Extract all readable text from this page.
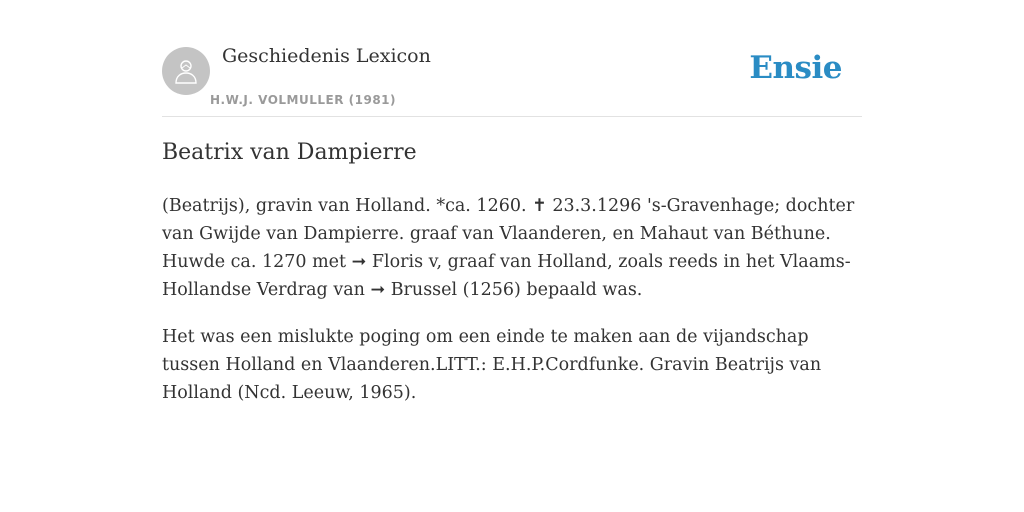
Geschiedenis Lexicon
H.W.J. VOLMULLER (1981)
Ensie
Beatrix van Dampierre

(Beatrijs), gravin van Holland. *ca. 1260. ✝ 23.3.1296 's-Gravenhage; dochter van Gwijde van Dampierre. graaf van Vlaanderen, en Mahaut van Béthune. Huwde ca. 1270 met ➞ Floris v, graaf van Holland, zoals reeds in het Vlaams-Hollandse Verdrag van ➞ Brussel (1256) bepaald was.

Het was een mislukte poging om een einde te maken aan de vijandschap tussen Holland en Vlaanderen.LITT.: E.H.P.Cordfunke. Gravin Beatrijs van Holland (Ncd. Leeuw, 1965).
